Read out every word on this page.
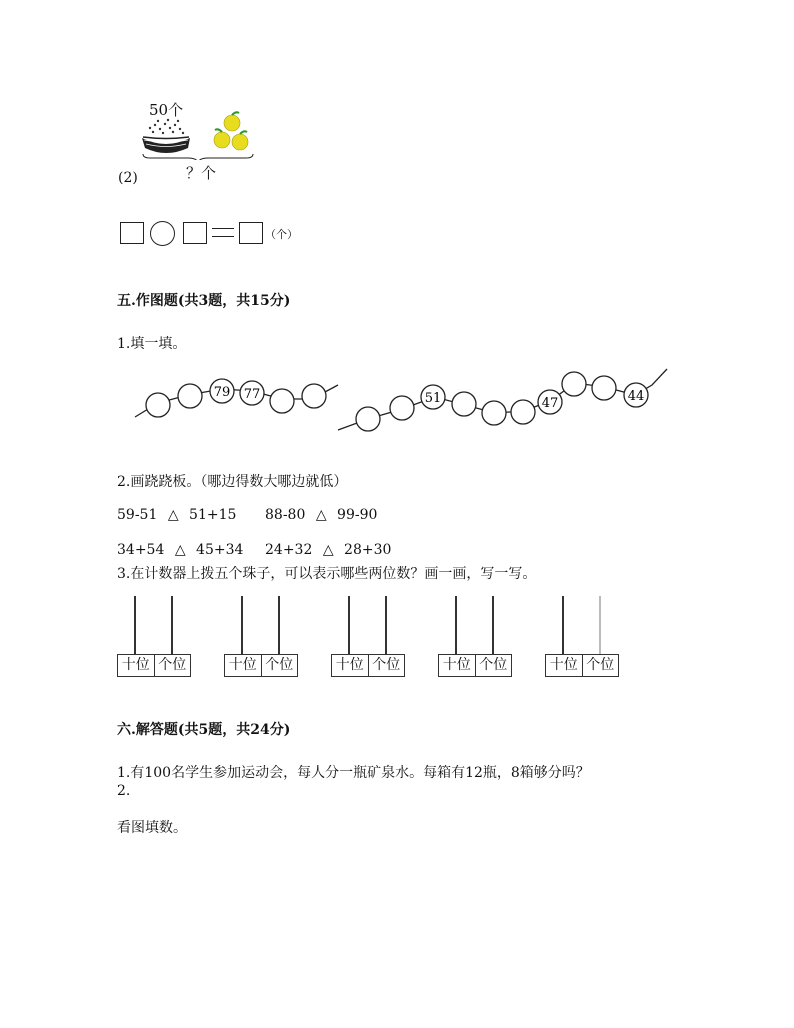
50个
(2)	？个
（个）
五.作图题(共3题，共15分)
1.填一填。
79 77	51	47	44
2.画跷跷板。（哪边得数大哪边就低）
59-51 △ 51+15 88-80 △ 99-90
34+54 △ 45+34 24+32 △ 28+30
3.在计数器上拨五个珠子，可以表示哪些两位数？画一画，写一写。
十位 个位	十位 个位	十位 个位	十位 个位	十位 个位
六.解答题(共5题，共24分)
1.有100名学生参加运动会，每人分一瓶矿泉水。每箱有12瓶，8箱够分吗？
2.
看图填数。
